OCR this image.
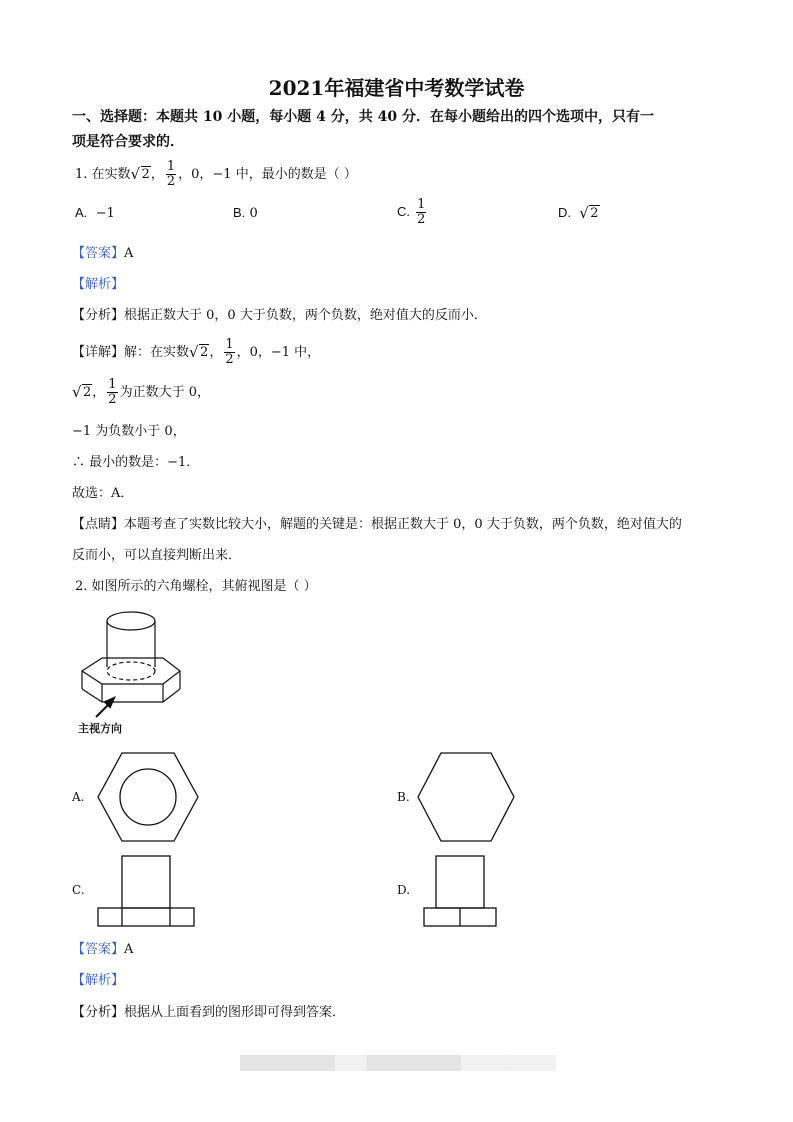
2021年福建省中考数学试卷
一、选择题：本题共 10 小题，每小题 4 分，共 40 分．在每小题给出的四个选项中，只有一
项是符合要求的．
1. 在实数 √ 2， $\frac{1}{2}$ ，0，−1 中，最小的数是（ ）
A. −1	B. 0	C. $\frac{1}{2}$	D. √ 2
【答案】A
【解析】
【分析】根据正数大于 0，0 大于负数，两个负数，绝对值大的反而小．
【详解】解：在实数 √ 2， $\frac{1}{2}$ ，0，−1 中，
√ 2， $\frac{1}{2}$ 为正数大于 0，
−1 为负数小于 0，
∴ 最小的数是：−1．
故选：A．
【点睛】本题考查了实数比较大小，解题的关键是：根据正数大于 0，0 大于负数，两个负数，绝对值大的
反而小，可以直接判断出来．
2. 如图所示的六角螺栓，其俯视图是（ ）
主视方向
A.	B.
C.	D.
【答案】A
【解析】
【分析】根据从上面看到的图形即可得到答案．
